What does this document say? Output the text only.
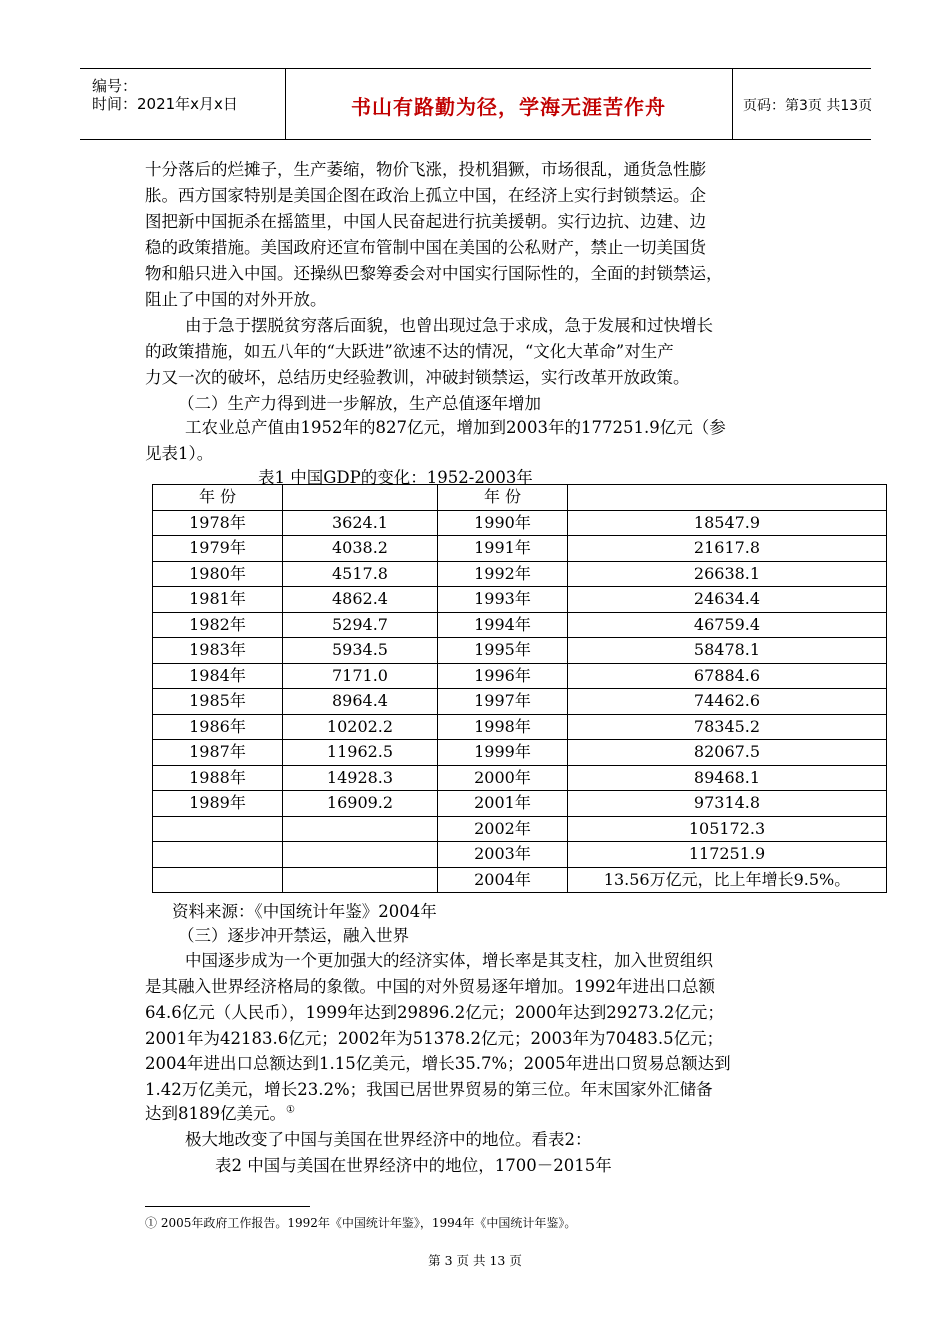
编号：
时间：2021年x月x日	书山有路勤为径，学海无涯苦作舟	页码：第3页 共13页
十分落后的烂摊子，生产萎缩，物价飞涨，投机猖獗，市场很乱，通货急性膨
胀。西方国家特别是美国企图在政治上孤立中国，在经济上实行封锁禁运。企
图把新中国扼杀在摇篮里，中国人民奋起进行抗美援朝。实行边抗、边建、边
稳的政策措施。美国政府还宣布管制中国在美国的公私财产，禁止一切美国货
物和船只进入中国。还操纵巴黎筹委会对中国实行国际性的，全面的封锁禁运，
阻止了中国的对外开放。
由于急于摆脱贫穷落后面貌，也曾出现过急于求成，急于发展和过快增长
的政策措施，如五八年的“大跃进”欲速不达的情况，“文化大革命”对生产
力又一次的破坏，总结历史经验教训，冲破封锁禁运，实行改革开放政策。
（二）生产力得到进一步解放，生产总值逐年增加
工农业总产值由1952年的827亿元，增加到2003年的177251.9亿元（参
见表1）。
表1 中国GDP的变化：1952-2003年
年 份		年 份	
1978年	3624.1	1990年	18547.9
1979年	4038.2	1991年	21617.8
1980年	4517.8	1992年	26638.1
1981年	4862.4	1993年	24634.4
1982年	5294.7	1994年	46759.4
1983年	5934.5	1995年	58478.1
1984年	7171.0	1996年	67884.6
1985年	8964.4	1997年	74462.6
1986年	10202.2	1998年	78345.2
1987年	11962.5	1999年	82067.5
1988年	14928.3	2000年	89468.1
1989年	16909.2	2001年	97314.8
		2002年	105172.3
		2003年	117251.9
		2004年	13.56万亿元，比上年增长9.5%。
资料来源：《中国统计年鉴》2004年
（三）逐步冲开禁运，融入世界
中国逐步成为一个更加强大的经济实体，增长率是其支柱，加入世贸组织
是其融入世界经济格局的象徵。中国的对外贸易逐年增加。1992年进出口总额
64.6亿元（人民币），1999年达到29896.2亿元；2000年达到29273.2亿元；
2001年为42183.6亿元；2002年为51378.2亿元；2003年为70483.5亿元；
2004年进出口总额达到1.15亿美元，增长35.7%；2005年进出口贸易总额达到
1.42万亿美元，增长23.2%；我国已居世界贸易的第三位。年末国家外汇储备
达到8189亿美元。①
极大地改变了中国与美国在世界经济中的地位。看表2：
表2 中国与美国在世界经济中的地位，1700－2015年
① 2005年政府工作报告。1992年《中国统计年鉴》，1994年《中国统计年鉴》。
第 3 页 共 13 页
